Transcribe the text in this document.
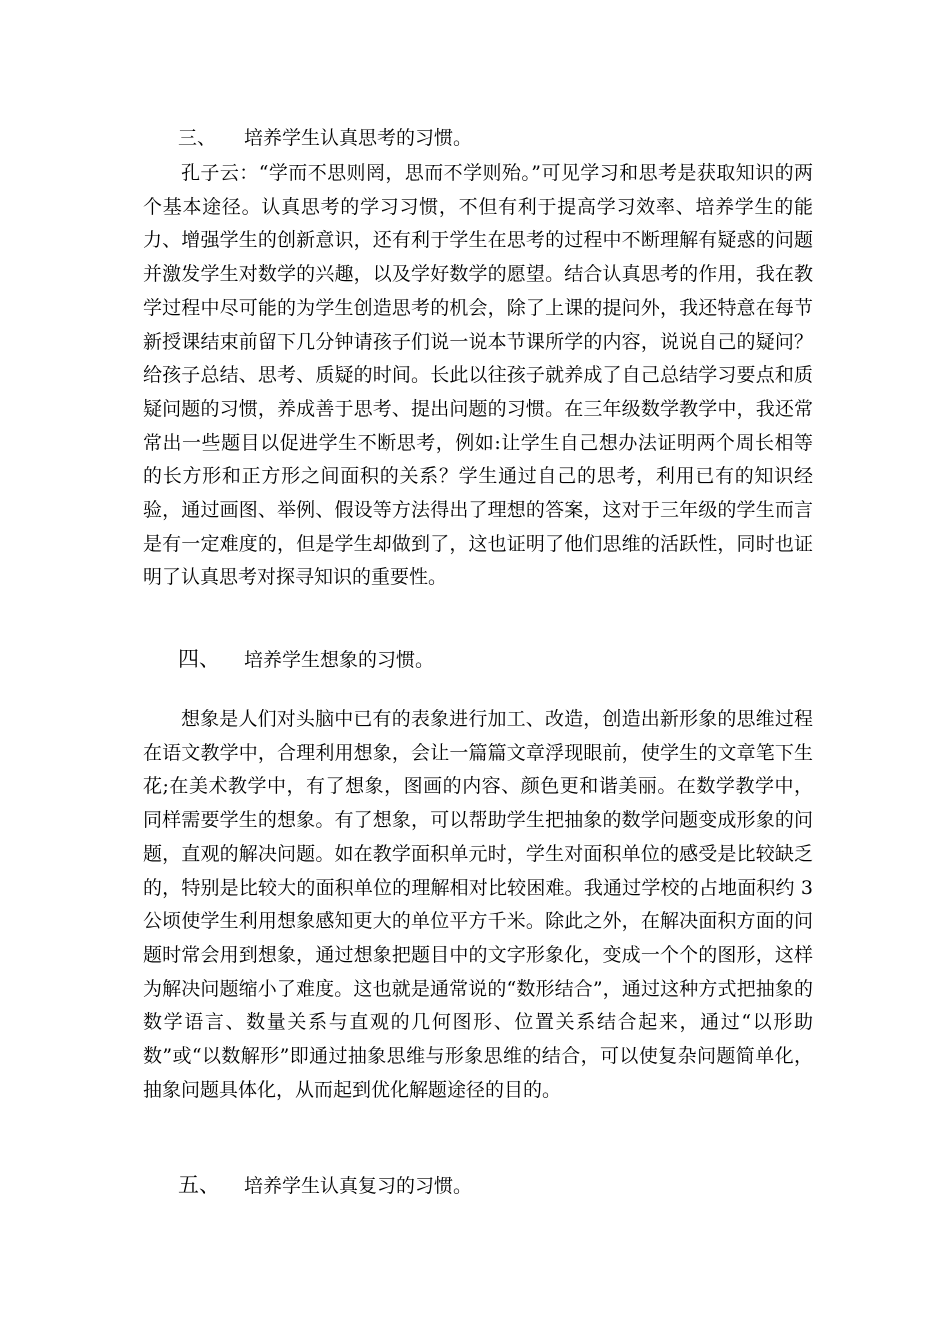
三、 培养学生认真思考的习惯。

孔子云：“学而不思则罔，思而不学则殆。”可见学习和思考是获取知识的两个基本途径。认真思考的学习习惯，不但有利于提高学习效率、培养学生的能力、增强学生的创新意识，还有利于学生在思考的过程中不断理解有疑惑的问题并激发学生对数学的兴趣，以及学好数学的愿望。结合认真思考的作用，我在教学过程中尽可能的为学生创造思考的机会，除了上课的提问外，我还特意在每节新授课结束前留下几分钟请孩子们说一说本节课所学的内容，说说自己的疑问？给孩子总结、思考、质疑的时间。长此以往孩子就养成了自己总结学习要点和质疑问题的习惯，养成善于思考、提出问题的习惯。在三年级数学教学中，我还常常出一些题目以促进学生不断思考，例如:让学生自己想办法证明两个周长相等的长方形和正方形之间面积的关系？学生通过自己的思考，利用已有的知识经验，通过画图、举例、假设等方法得出了理想的答案，这对于三年级的学生而言是有一定难度的，但是学生却做到了，这也证明了他们思维的活跃性，同时也证明了认真思考对探寻知识的重要性。

四、 培养学生想象的习惯。

想象是人们对头脑中已有的表象进行加工、改造，创造出新形象的思维过程在语文教学中，合理利用想象，会让一篇篇文章浮现眼前，使学生的文章笔下生花;在美术教学中，有了想象，图画的内容、颜色更和谐美丽。在数学教学中，同样需要学生的想象。有了想象，可以帮助学生把抽象的数学问题变成形象的问题，直观的解决问题。如在教学面积单元时，学生对面积单位的感受是比较缺乏的，特别是比较大的面积单位的理解相对比较困难。我通过学校的占地面积约 3 公顷使学生利用想象感知更大的单位平方千米。除此之外，在解决面积方面的问题时常会用到想象，通过想象把题目中的文字形象化，变成一个个的图形，这样为解决问题缩小了难度。这也就是通常说的“数形结合”，通过这种方式把抽象的数学语言、数量关系与直观的几何图形、位置关系结合起来，通过“以形助数”或“以数解形”即通过抽象思维与形象思维的结合，可以使复杂问题简单化，抽象问题具体化，从而起到优化解题途径的目的。

五、 培养学生认真复习的习惯。
